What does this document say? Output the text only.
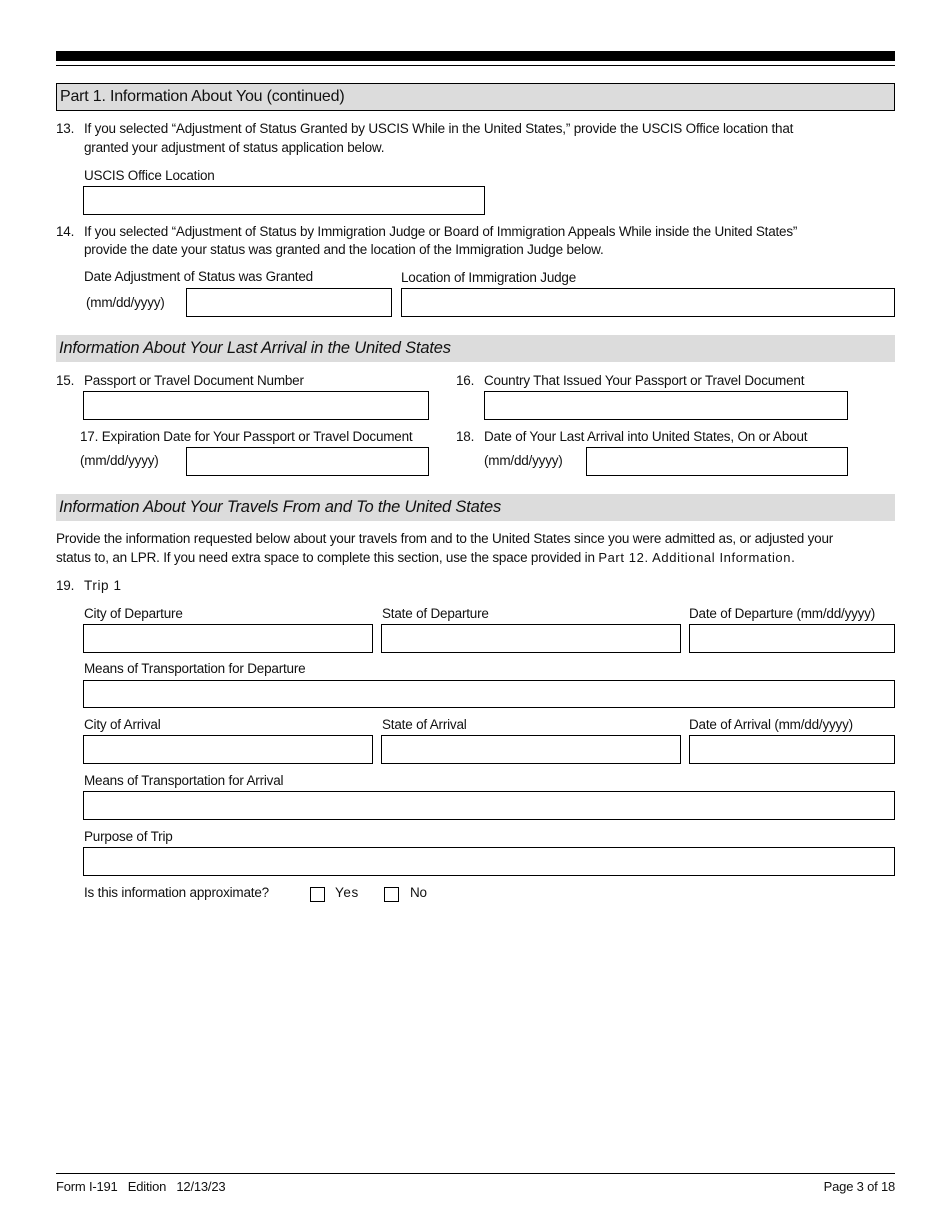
Part 1. Information About You (continued)
13. If you selected “Adjustment of Status Granted by USCIS While in the United States,” provide the USCIS Office location that
granted your adjustment of status application below.
USCIS Office Location
14. If you selected “Adjustment of Status by Immigration Judge or Board of Immigration Appeals While inside the United States”
provide the date your status was granted and the location of the Immigration Judge below.
Date Adjustment of Status was Granted	Location of Immigration Judge
(mm/dd/yyyy)
Information About Your Last Arrival in the United States
15. Passport or Travel Document Number	16. Country That Issued Your Passport or Travel Document
17. Expiration Date for Your Passport or Travel Document
(mm/dd/yyyy)
18. Date of Your Last Arrival into United States, On or About
(mm/dd/yyyy)
Information About Your Travels From and To the United States
Provide the information requested below about your travels from and to the United States since you were admitted as, or adjusted your
status to, an LPR. If you need extra space to complete this section, use the space provided in Part 12. Additional Information.
19. Trip 1
City of Departure	State of Departure	Date of Departure (mm/dd/yyyy)
Means of Transportation for Departure
City of Arrival	State of Arrival	Date of Arrival (mm/dd/yyyy)
Means of Transportation for Arrival
Purpose of Trip
Is this information approximate?	Yes	No
Form I-191   Edition   12/13/23	Page 3 of 18
